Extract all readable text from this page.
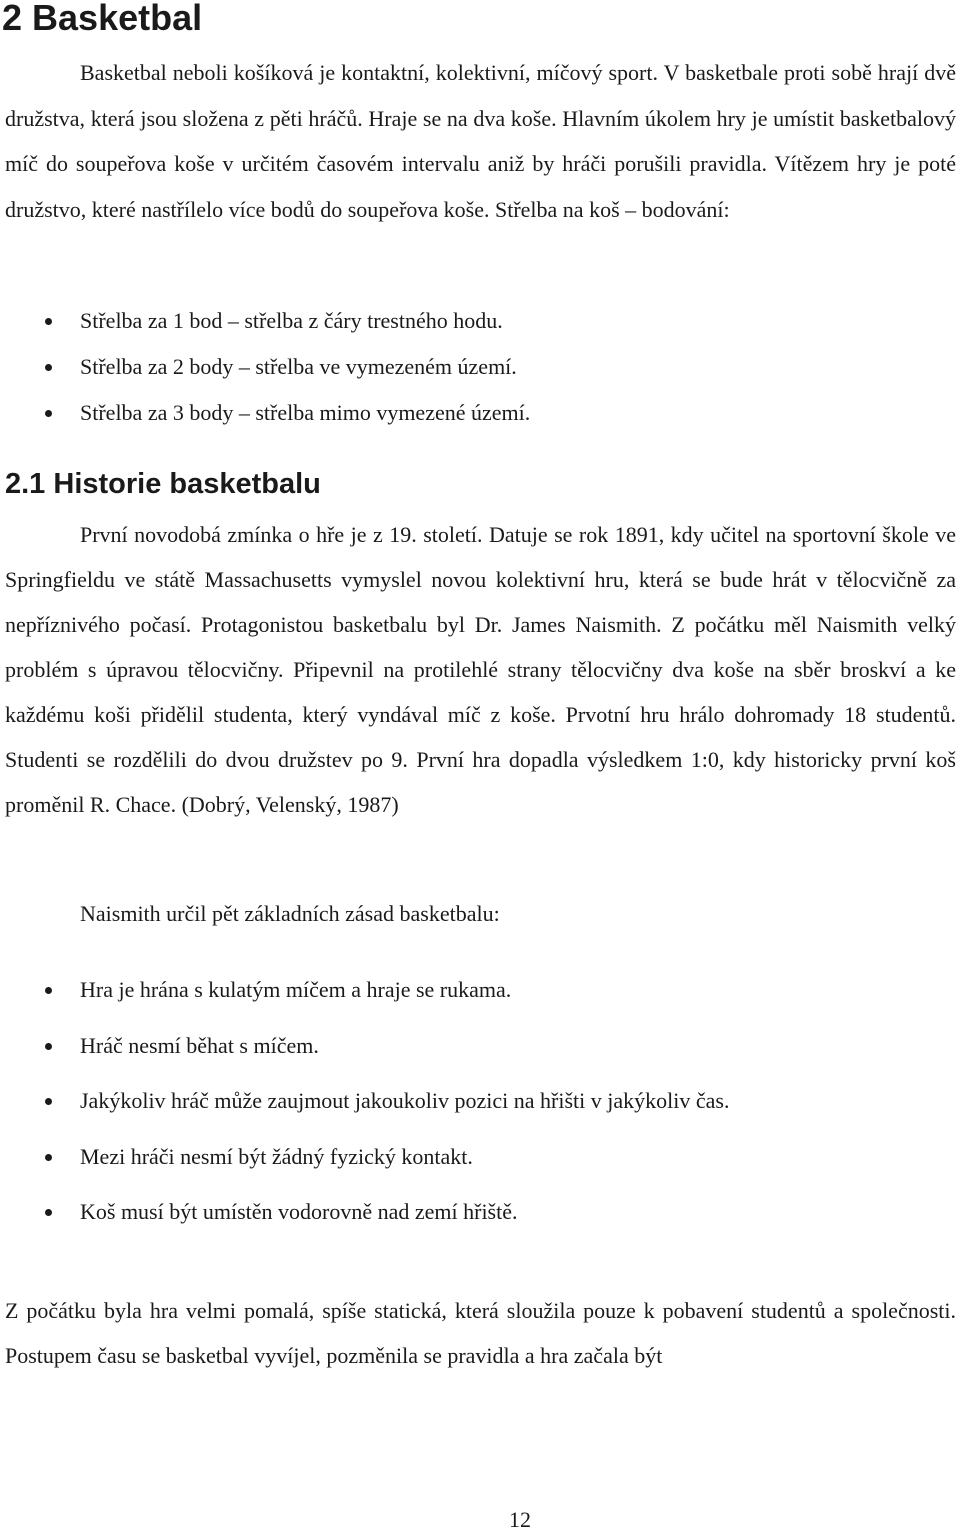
2 Basketbal

Basketbal neboli košíková je kontaktní, kolektivní, míčový sport. V basketbale proti sobě hrají dvě družstva, která jsou složena z pěti hráčů. Hraje se na dva koše. Hlavním úkolem hry je umístit basketbalový míč do soupeřova koše v určitém časovém intervalu aniž by hráči porušili pravidla. Vítězem hry je poté družstvo, které nastřílelo více bodů do soupeřova koše. Střelba na koš – bodování:

Střelba za 1 bod – střelba z čáry trestného hodu.
Střelba za 2 body – střelba ve vymezeném území.
Střelba za 3 body – střelba mimo vymezené území.
2.1 Historie basketbalu

První novodobá zmínka o hře je z 19. století. Datuje se rok 1891, kdy učitel na sportovní škole ve Springfieldu ve státě Massachusetts vymyslel novou kolektivní hru, která se bude hrát v tělocvičně za nepříznivého počasí. Protagonistou basketbalu byl Dr. James Naismith. Z počátku měl Naismith velký problém s úpravou tělocvičny. Připevnil na protilehlé strany tělocvičny dva koše na sběr broskví a ke každému koši přidělil studenta, který vyndával míč z koše. Prvotní hru hrálo dohromady 18 studentů. Studenti se rozdělili do dvou družstev po 9. První hra dopadla výsledkem 1:0, kdy historicky první koš proměnil R. Chace. (Dobrý, Velenský, 1987)

Naismith určil pět základních zásad basketbalu:

Hra je hrána s kulatým míčem a hraje se rukama.
Hráč nesmí běhat s míčem.
Jakýkoliv hráč může zaujmout jakoukoliv pozici na hřišti v jakýkoliv čas.
Mezi hráči nesmí být žádný fyzický kontakt.
Koš musí být umístěn vodorovně nad zemí hřiště.

Z počátku byla hra velmi pomalá, spíše statická, která sloužila pouze k pobavení studentů a společnosti. Postupem času se basketbal vyvíjel, pozměnila se pravidla a hra začala být

12
